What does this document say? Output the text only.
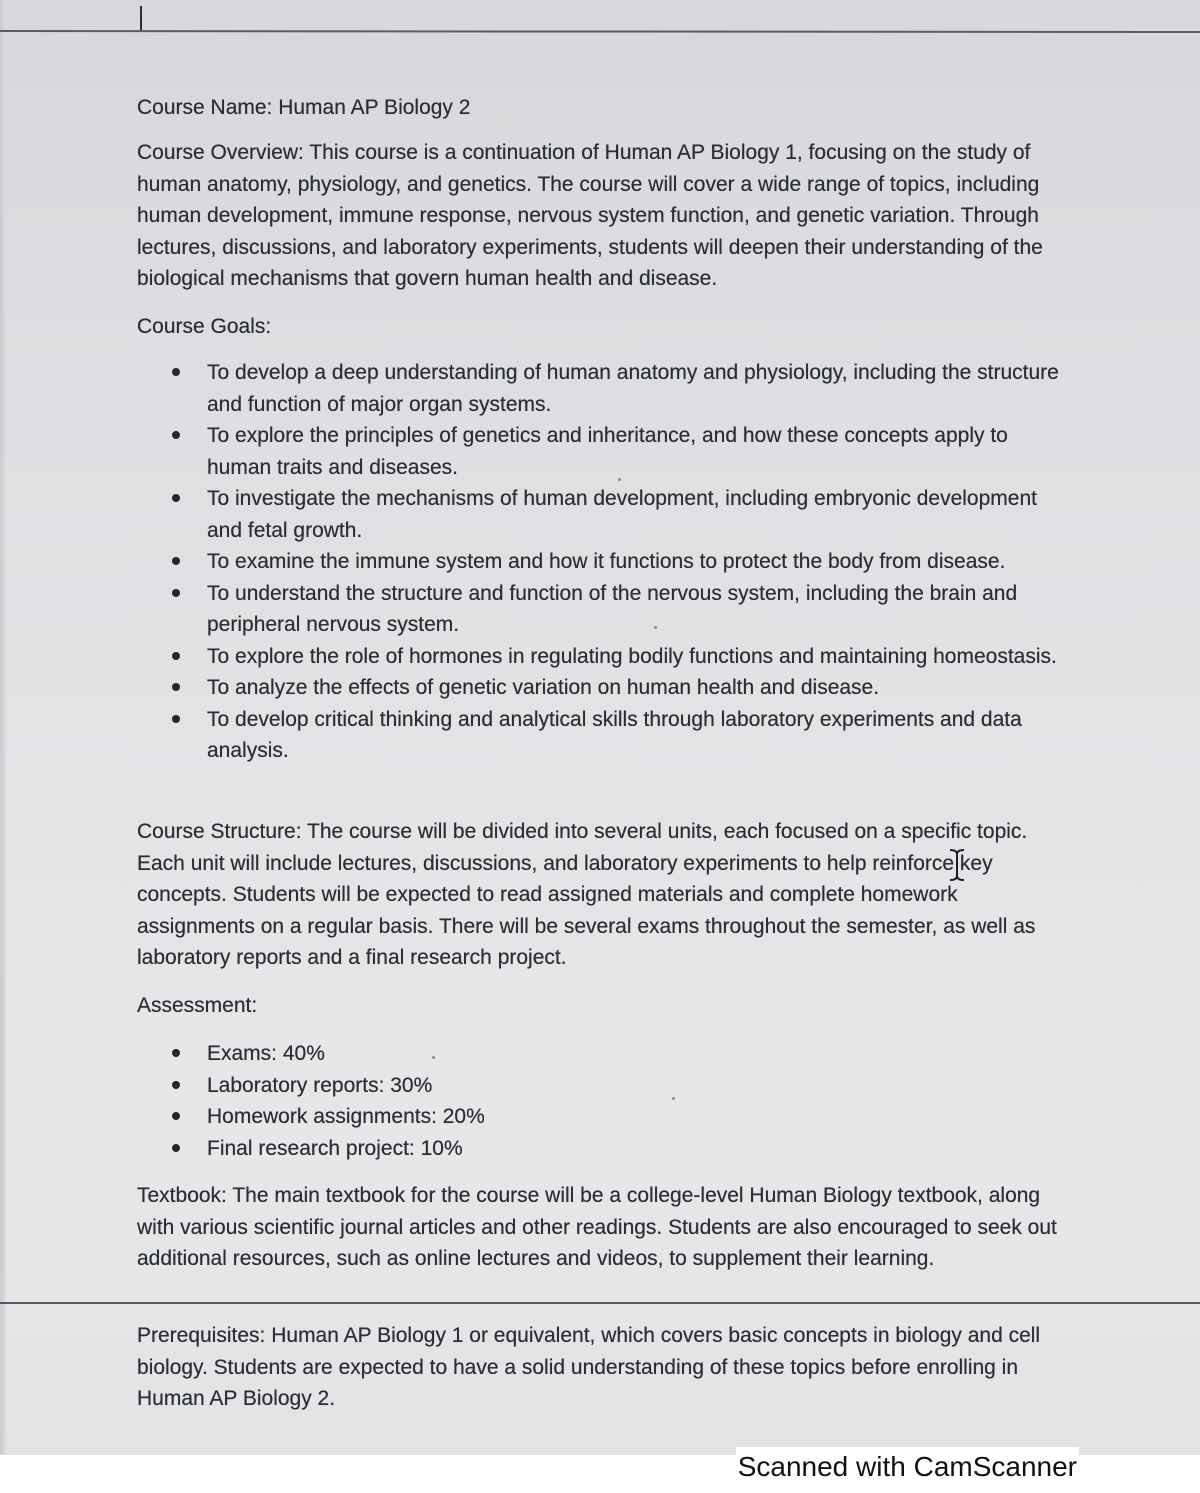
Course Name: Human AP Biology 2

Course Overview: This course is a continuation of Human AP Biology 1, focusing on the study of human anatomy, physiology, and genetics. The course will cover a wide range of topics, including human development, immune response, nervous system function, and genetic variation. Through lectures, discussions, and laboratory experiments, students will deepen their understanding of the biological mechanisms that govern human health and disease.

Course Goals:

To develop a deep understanding of human anatomy and physiology, including the structure and function of major organ systems.
To explore the principles of genetics and inheritance, and how these concepts apply to human traits and diseases.
To investigate the mechanisms of human development, including embryonic development and fetal growth.
To examine the immune system and how it functions to protect the body from disease.
To understand the structure and function of the nervous system, including the brain and peripheral nervous system.
To explore the role of hormones in regulating bodily functions and maintaining homeostasis.
To analyze the effects of genetic variation on human health and disease.
To develop critical thinking and analytical skills through laboratory experiments and data analysis.

Course Structure: The course will be divided into several units, each focused on a specific topic. Each unit will include lectures, discussions, and laboratory experiments to help reinforce key concepts. Students will be expected to read assigned materials and complete homework assignments on a regular basis. There will be several exams throughout the semester, as well as laboratory reports and a final research project.

Assessment:

Exams: 40%
Laboratory reports: 30%
Homework assignments: 20%
Final research project: 10%

Textbook: The main textbook for the course will be a college-level Human Biology textbook, along with various scientific journal articles and other readings. Students are also encouraged to seek out additional resources, such as online lectures and videos, to supplement their learning.

Prerequisites: Human AP Biology 1 or equivalent, which covers basic concepts in biology and cell biology. Students are expected to have a solid understanding of these topics before enrolling in Human AP Biology 2.

Scanned with CamScanner
